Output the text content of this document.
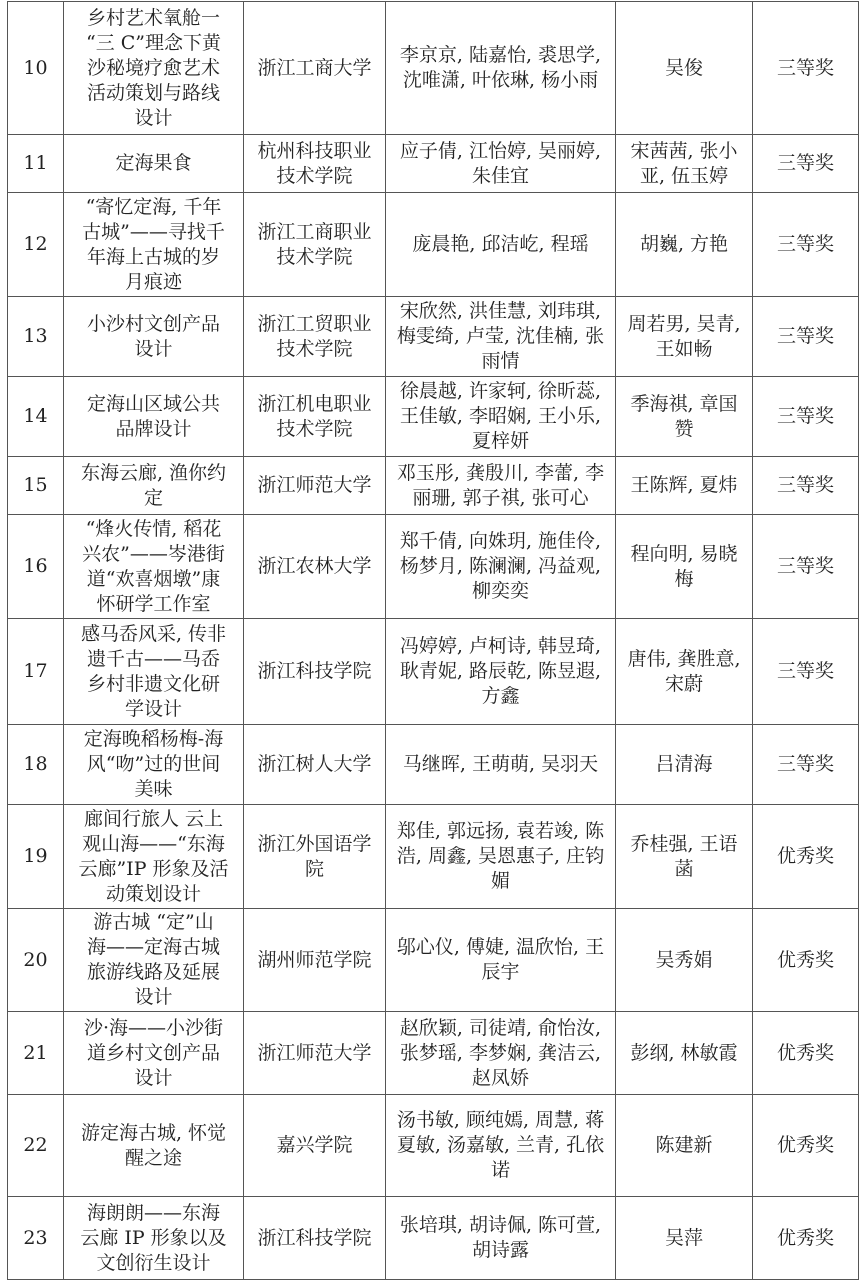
10	乡村艺术氧舱一
“三 C”理念下黄
沙秘境疗愈艺术
活动策划与路线
设计	浙江工商大学	李京京, 陆嘉怡, 裘思学,
沈唯潇, 叶依琳, 杨小雨	吴俊	三等奖
11	定海果食	杭州科技职业
技术学院	应子倩, 江怡婷, 吴丽婷,
朱佳宜	宋茜茜, 张小
亚, 伍玉婷	三等奖
12	“寄忆定海, 千年
古城”——寻找千
年海上古城的岁
月痕迹	浙江工商职业
技术学院	庞晨艳, 邱洁屹, 程瑶	胡巍, 方艳	三等奖
13	小沙村文创产品
设计	浙江工贸职业
技术学院	宋欣然, 洪佳慧, 刘玮琪,
梅雯绮, 卢莹, 沈佳楠, 张
雨情	周若男, 吴青,
王如畅	三等奖
14	定海山区域公共
品牌设计	浙江机电职业
技术学院	徐晨越, 许家轲, 徐昕蕊,
王佳敏, 李昭娴, 王小乐,
夏梓妍	季海祺, 章国
赞	三等奖
15	东海云廊, 渔你约
定	浙江师范大学	邓玉彤, 龚殷川, 李蕾, 李
丽珊, 郭子祺, 张可心	王陈辉, 夏炜	三等奖
16	“烽火传情, 稻花
兴农”——岑港街
道“欢喜烟墩”康
怀研学工作室	浙江农林大学	郑千倩, 向姝玥, 施佳伶,
杨梦月, 陈澜澜, 冯益观,
柳奕奕	程向明, 易晓
梅	三等奖
17	感马岙风采, 传非
遗千古——马岙
乡村非遗文化研
学设计	浙江科技学院	冯婷婷, 卢柯诗, 韩昱琦,
耿青妮, 路辰乾, 陈昱遐,
方鑫	唐伟, 龚胜意,
宋蔚	三等奖
18	定海晚稻杨梅-海
风“吻”过的世间
美味	浙江树人大学	马继晖, 王萌萌, 吴羽天	吕清海	三等奖
19	廊间行旅人 云上
观山海——“东海
云廊”IP 形象及活
动策划设计	浙江外国语学
院	郑佳, 郭远扬, 袁若竣, 陈
浩, 周鑫, 吴恩惠子, 庄钧
媚	乔桂强, 王语
菡	优秀奖
20	游古城 “定”山
海——定海古城
旅游线路及延展
设计	湖州师范学院	邬心仪, 傅婕, 温欣怡, 王
辰宇	吴秀娟	优秀奖
21	沙·海——小沙街
道乡村文创产品
设计	浙江师范大学	赵欣颖, 司徒靖, 俞怡汝,
张梦瑶, 李梦娴, 龚洁云,
赵凤娇	彭纲, 林敏霞	优秀奖
22	游定海古城, 怀觉
醒之途	嘉兴学院	汤书敏, 顾纯嫣, 周慧, 蒋
夏敏, 汤嘉敏, 兰青, 孔依
诺	陈建新	优秀奖
23	海朗朗——东海
云廊 IP 形象以及
文创衍生设计	浙江科技学院	张培琪, 胡诗佩, 陈可萱,
胡诗露	吴萍	优秀奖
